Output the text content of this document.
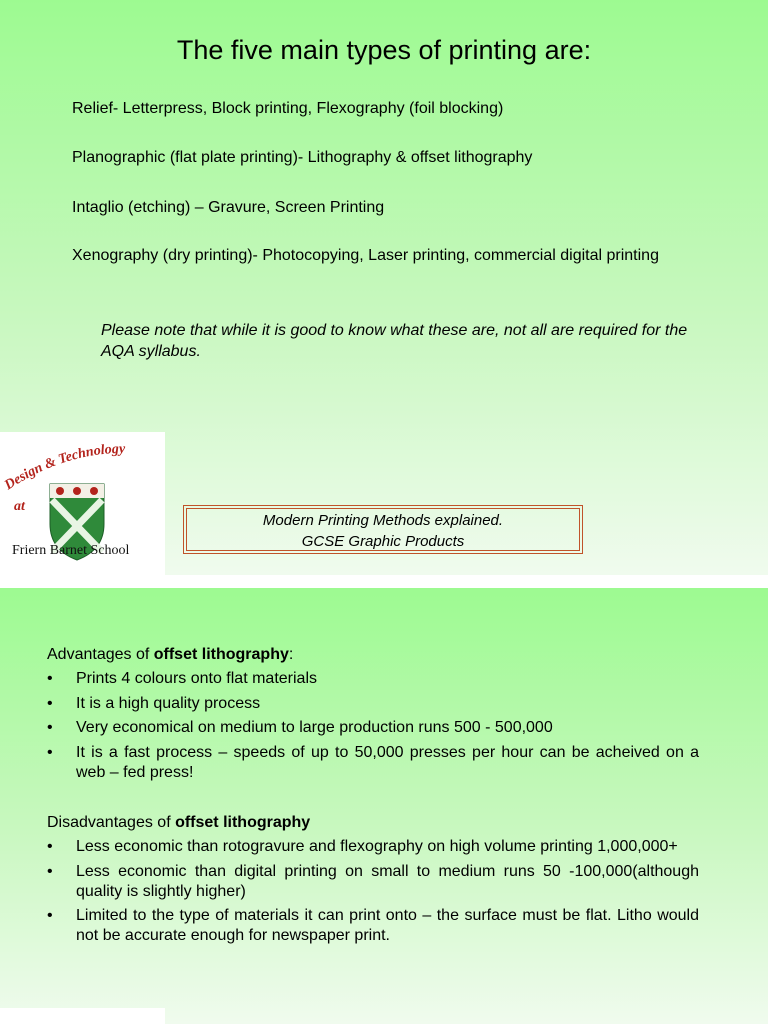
The five main types of printing are:
Relief- Letterpress, Block printing, Flexography (foil blocking)
Planographic (flat plate printing)- Lithography & offset lithography
Intaglio (etching) – Gravure, Screen Printing
Xenography (dry printing)- Photocopying, Laser printing, commercial digital printing
Please note that while it is good to know what these are, not all are required for the AQA syllabus.
Design & Technology
at
Friern Barnet School
Modern Printing Methods explained.
GCSE Graphic Products
Advantages of offset lithography:
• Prints 4 colours onto flat materials
• It is a high quality process
• Very economical on medium to large production runs 500 - 500,000
• It is a fast process – speeds of up to 50,000 presses per hour can be acheived on a web – fed press!
Disadvantages of offset lithography
• Less economic than rotogravure and flexography on high volume printing 1,000,000+
• Less economic than digital printing on small to medium runs 50 -100,000(although quality is slightly higher)
• Limited to the type of materials it can print onto – the surface must be flat. Litho would not be accurate enough for newspaper print.
